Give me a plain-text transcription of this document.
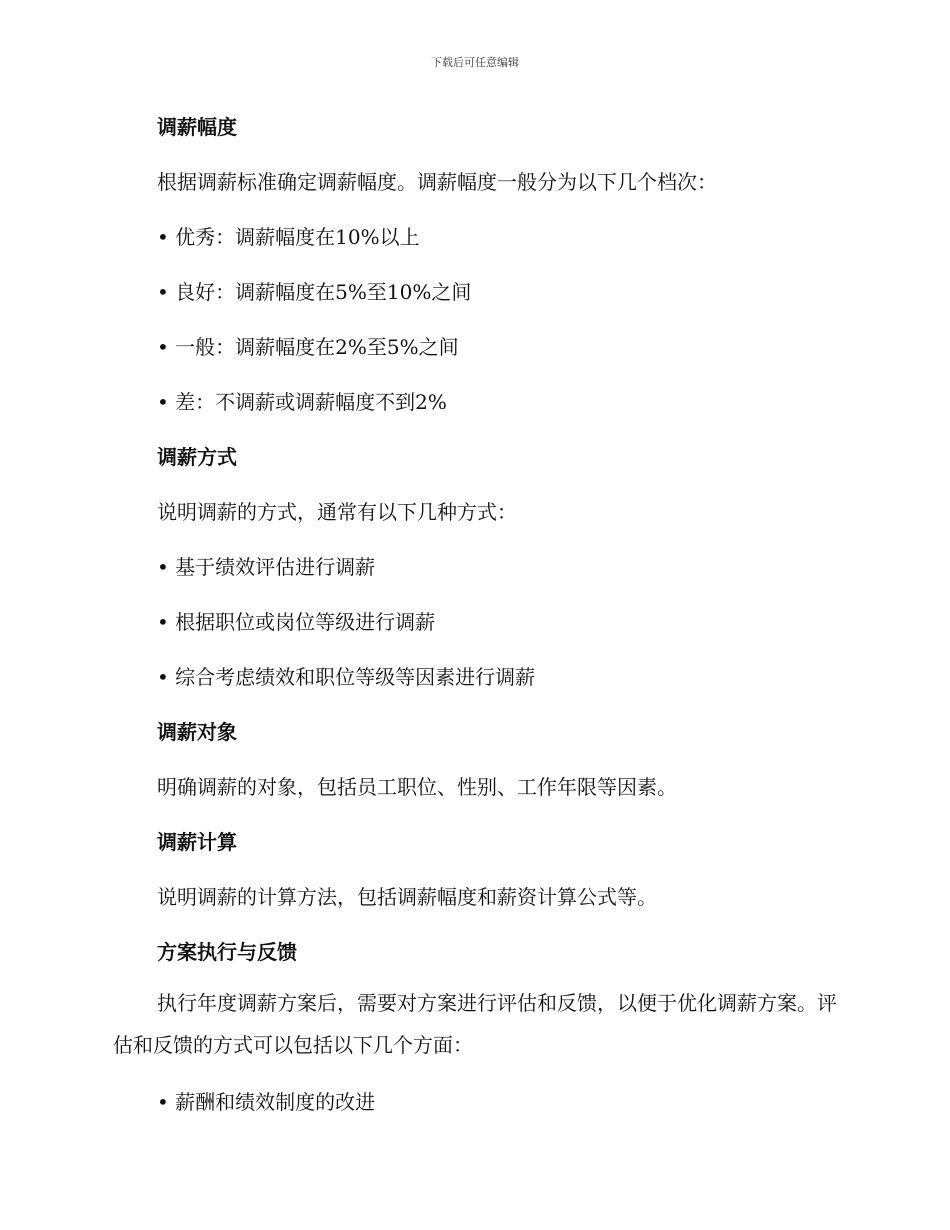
下载后可任意编辑
调薪幅度
根据调薪标准确定调薪幅度。调薪幅度一般分为以下几个档次：
• 优秀：调薪幅度在10%以上
• 良好：调薪幅度在5%至10%之间
• 一般：调薪幅度在2%至5%之间
• 差：不调薪或调薪幅度不到2%
调薪方式
说明调薪的方式，通常有以下几种方式：
• 基于绩效评估进行调薪
• 根据职位或岗位等级进行调薪
• 综合考虑绩效和职位等级等因素进行调薪
调薪对象
明确调薪的对象，包括员工职位、性别、工作年限等因素。
调薪计算
说明调薪的计算方法，包括调薪幅度和薪资计算公式等。
方案执行与反馈
执行年度调薪方案后，需要对方案进行评估和反馈，以便于优化调薪方案。评估和反馈的方式可以包括以下几个方面：
• 薪酬和绩效制度的改进
